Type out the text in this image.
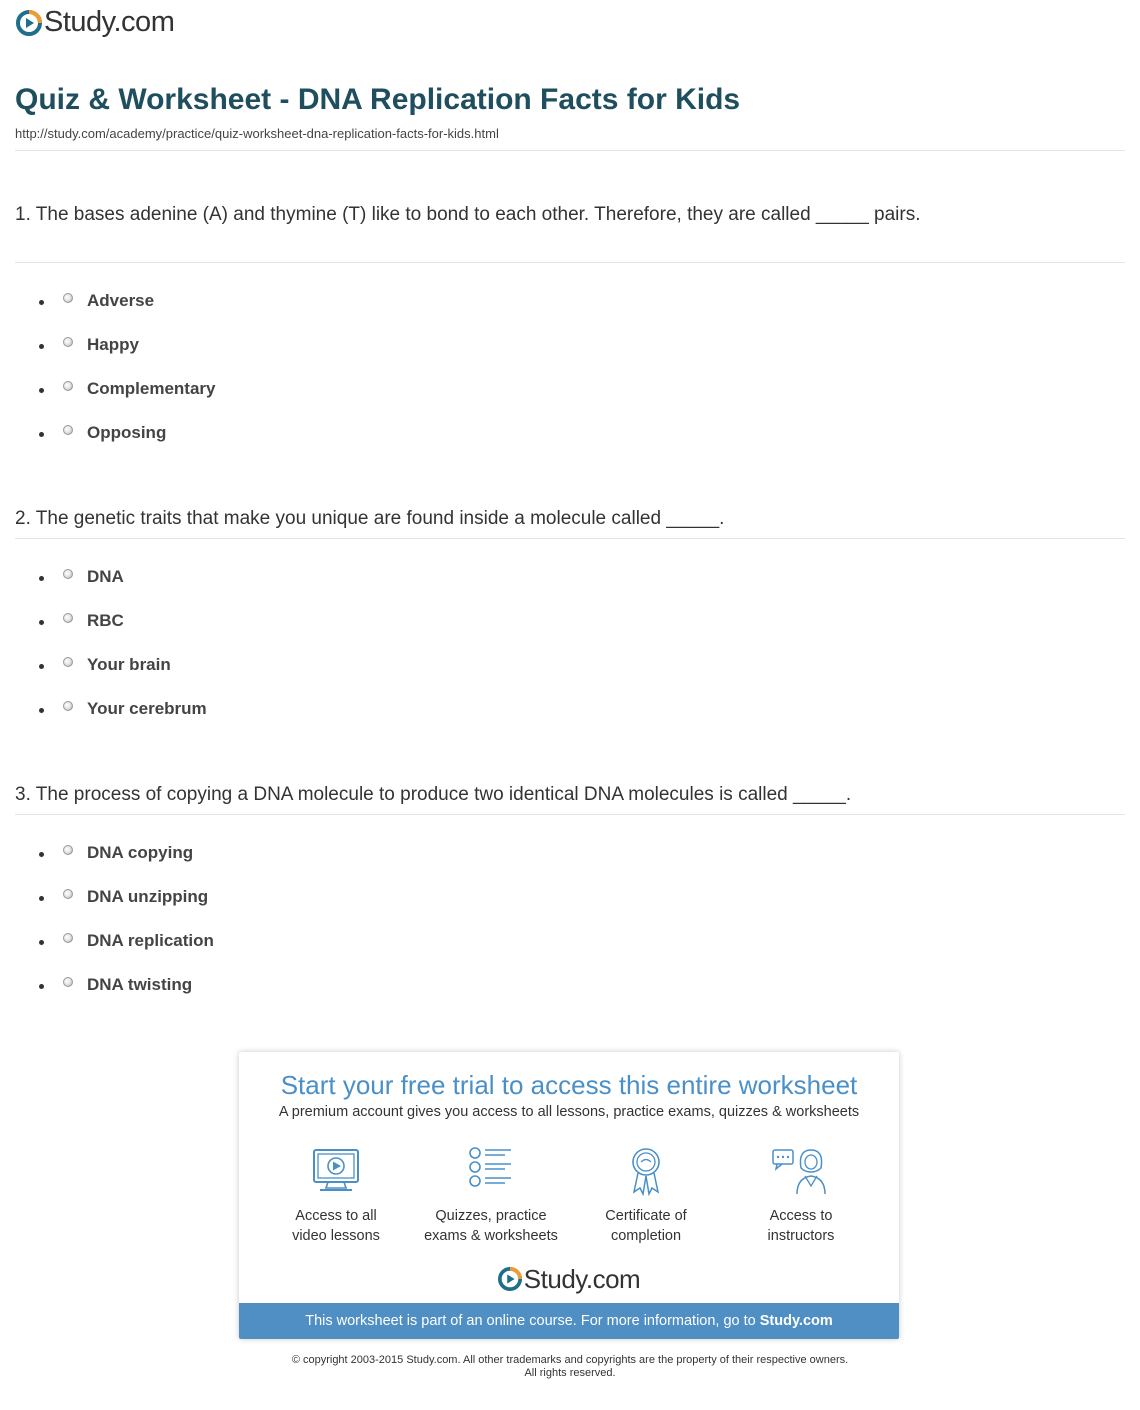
Study.com
Quiz & Worksheet - DNA Replication Facts for Kids
http://study.com/academy/practice/quiz-worksheet-dna-replication-facts-for-kids.html

1. The bases adenine (A) and thymine (T) like to bond to each other. Therefore, they are called _____ pairs.

Adverse
Happy
Complementary
Opposing

2. The genetic traits that make you unique are found inside a molecule called _____.

DNA
RBC
Your brain
Your cerebrum

3. The process of copying a DNA molecule to produce two identical DNA molecules is called _____.

DNA copying
DNA unzipping
DNA replication
DNA twisting
Start your free trial to access this entire worksheet
A premium account gives you access to all lessons, practice exams, quizzes & worksheets
Access to all
video lessons
Quizzes, practice
exams & worksheets
Certificate of
completion
Access to
instructors
Study.com
This worksheet is part of an online course. For more information, go to Study.com
© copyright 2003-2015 Study.com. All other trademarks and copyrights are the property of their respective owners.
All rights reserved.
